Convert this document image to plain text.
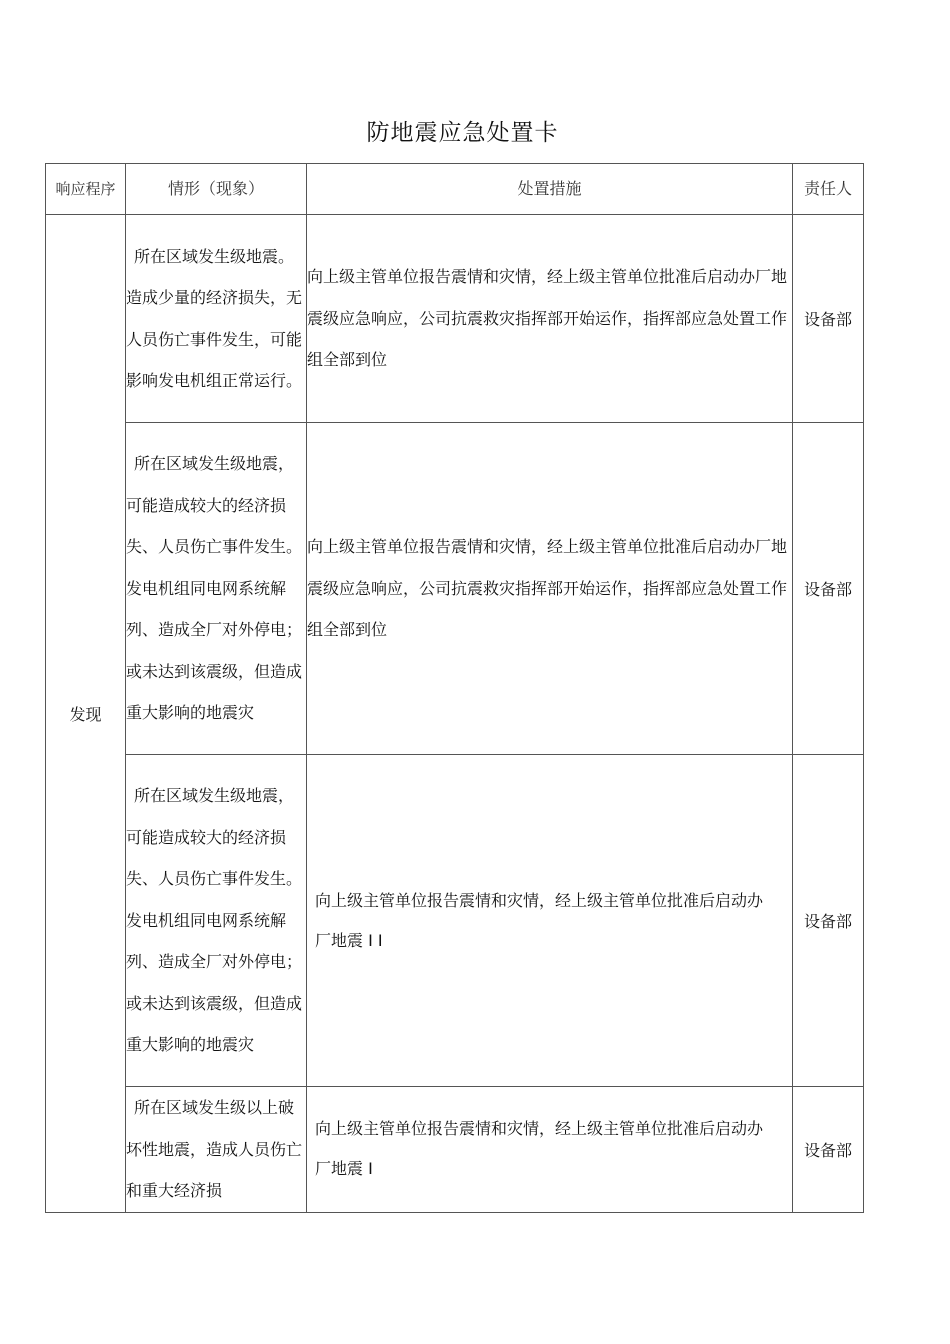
防地震应急处置卡
响应程序	情形（现象）	处置措施	责任人
发现	所在区域发生级地震。造成少量的经济损失，无人员伤亡事件发生，可能影响发电机组正常运行。	向上级主管单位报告震情和灾情，经上级主管单位批准后启动办厂地震级应急响应，公司抗震救灾指挥部开始运作，指挥部应急处置工作组全部到位	设备部

	所在区域发生级地震，可能造成较大的经济损失、人员伤亡事件发生。发电机组同电网系统解列、造成全厂对外停电；或未达到该震级，但造成重大影响的地震灾	向上级主管单位报告震情和灾情，经上级主管单位批准后启动办厂地震级应急响应，公司抗震救灾指挥部开始运作，指挥部应急处置工作组全部到位	设备部

	所在区域发生级地震，可能造成较大的经济损失、人员伤亡事件发生。发电机组同电网系统解列、造成全厂对外停电；或未达到该震级，但造成重大影响的地震灾	向上级主管单位报告震情和灾情，经上级主管单位批准后启动办
厂地震 I I	设备部

	所在区域发生级以上破坏性地震，造成人员伤亡和重大经济损	向上级主管单位报告震情和灾情，经上级主管单位批准后启动办
厂地震 I	设备部
